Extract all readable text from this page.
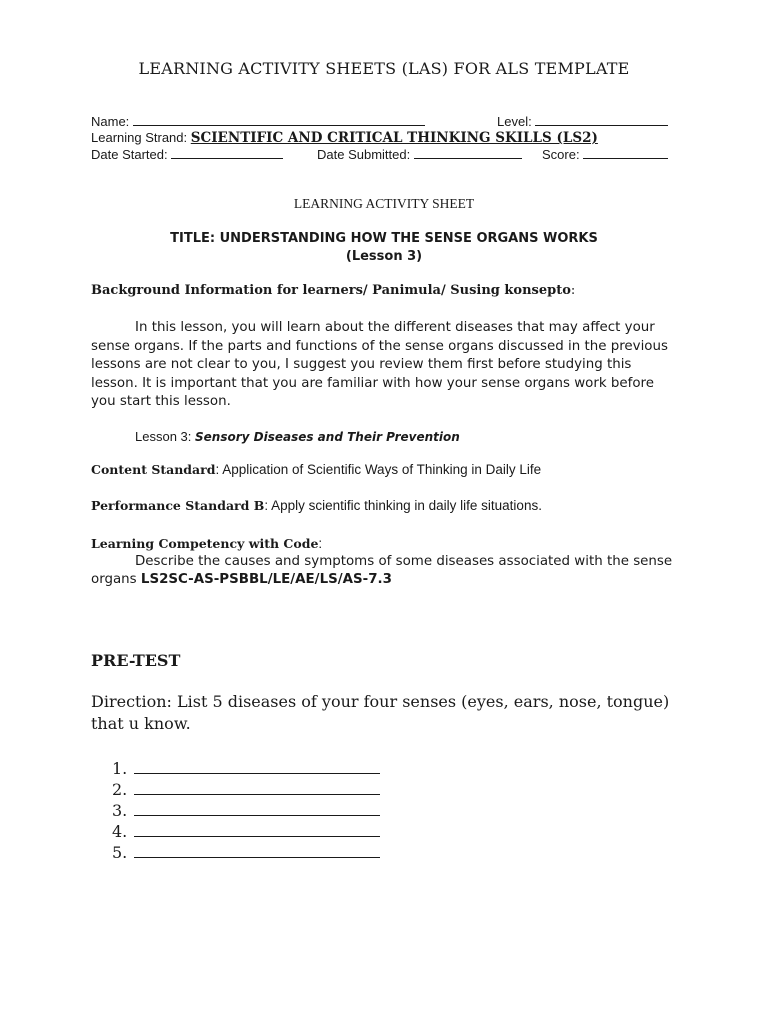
LEARNING ACTIVITY SHEETS (LAS) FOR ALS TEMPLATE
Name:	Level:
Learning Strand: SCIENTIFIC AND CRITICAL THINKING SKILLS (LS2)
Date Started:	Date Submitted:	Score:
LEARNING ACTIVITY SHEET
TITLE: UNDERSTANDING HOW THE SENSE ORGANS WORKS
(Lesson 3)
Background Information for learners/ Panimula/ Susing konsepto:
In this lesson, you will learn about the different diseases that may affect your sense organs. If the parts and functions of the sense organs discussed in the previous lessons are not clear to you, I suggest you review them first before studying this lesson. It is important that you are familiar with how your sense organs work before you start this lesson.
Lesson 3: Sensory Diseases and Their Prevention
Content Standard: Application of Scientific Ways of Thinking in Daily Life
Performance Standard B: Apply scientific thinking in daily life situations.
Learning Competency with Code:
Describe the causes and symptoms of some diseases associated with the sense organs LS2SC-AS-PSBBL/LE/AE/LS/AS-7.3
PRE-TEST
Direction: List 5 diseases of your four senses (eyes, ears, nose, tongue) that u know.
1.
2.
3.
4.
5.
